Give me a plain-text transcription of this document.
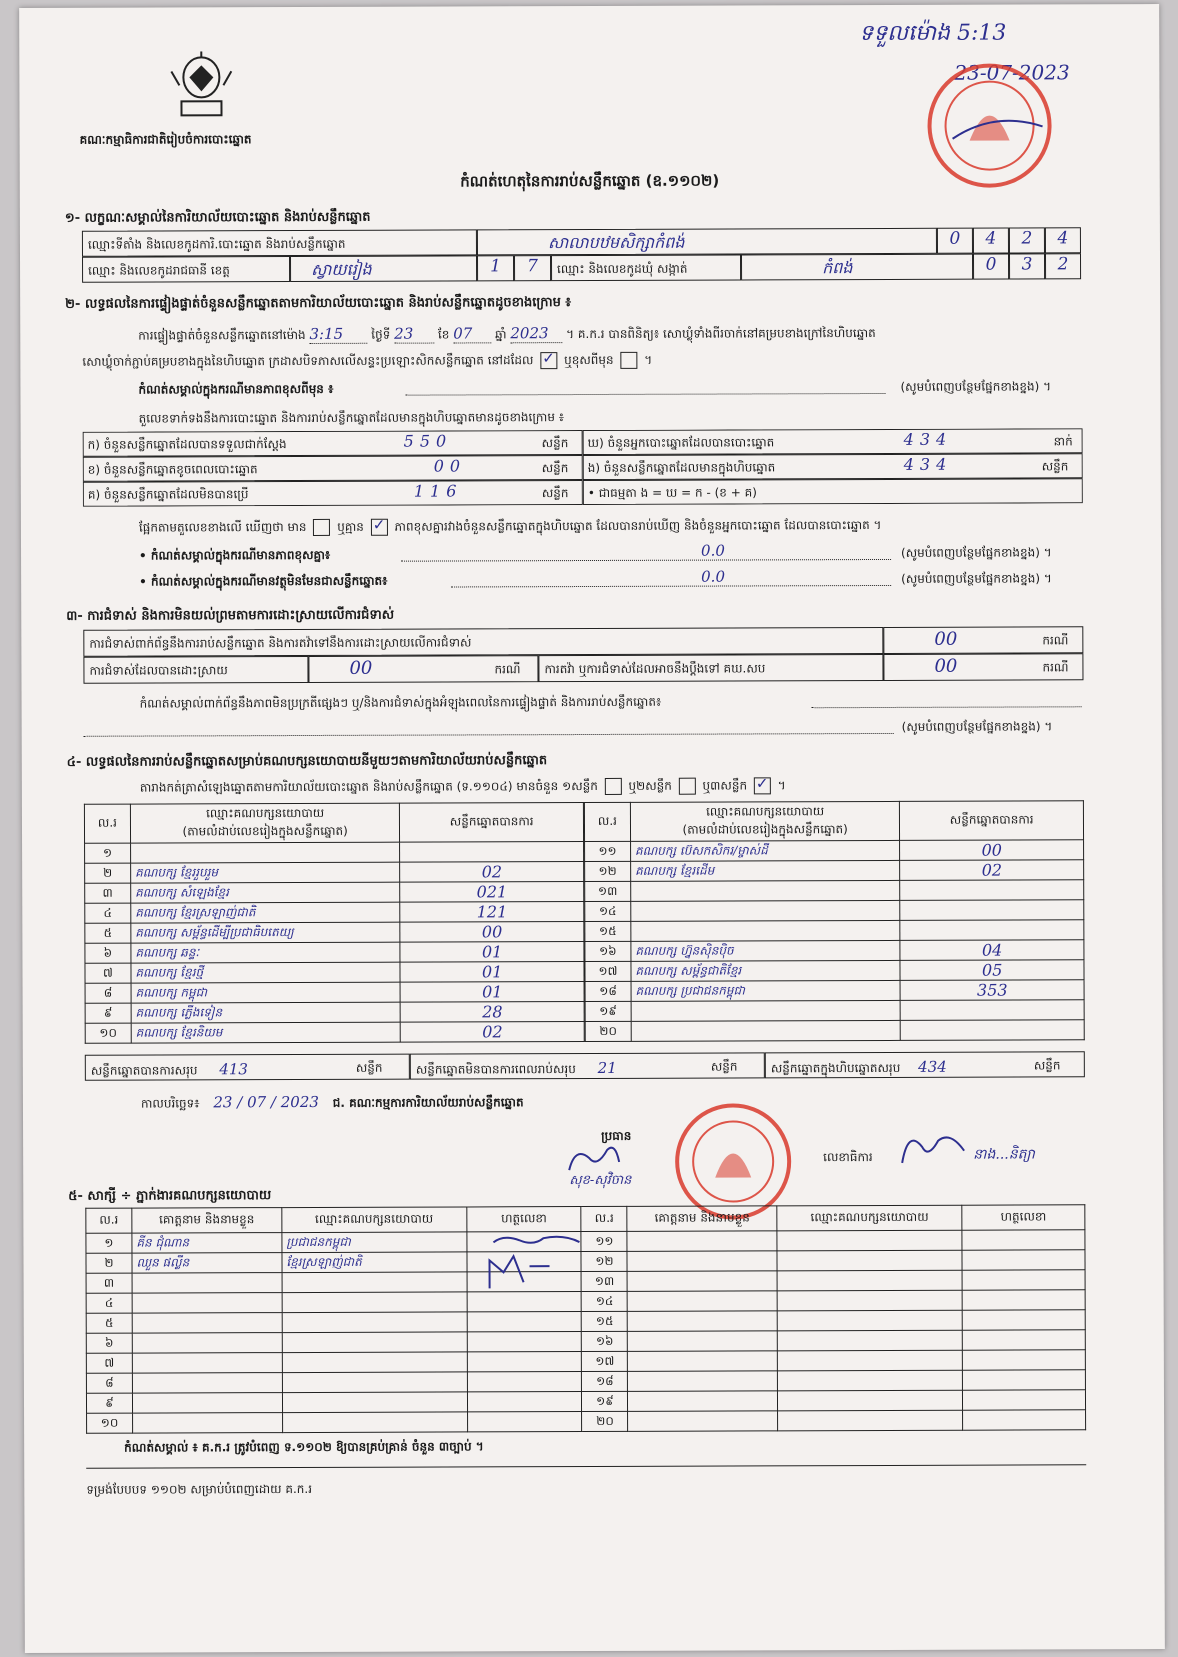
គណៈកម្មាធិការជាតិរៀបចំការបោះឆ្នោត
ទទួលម៉ោង 5:13
23-07-2023
កំណត់ហេតុនៃការរាប់សន្លឹកឆ្នោត (ឧ.១១០២)
១- លក្ខណៈសម្គាល់នៃការិយាល័យបោះឆ្នោត និងរាប់សន្លឹកឆ្នោត
ឈ្មោះទីតាំង និងលេខកូដការិ.បោះឆ្នោត និងរាប់សន្លឹកឆ្នោត	សាលាបឋមសិក្សាកំពង់	0	4	2	4
ឈ្មោះ និងលេខកូដរាជធានី ខេត្ត	ស្វាយរៀង	1	7	ឈ្មោះ និងលេខកូដឃុំ សង្កាត់	កំពង់	0	3	2
២- លទ្ធផលនៃការផ្ទៀងផ្ទាត់ចំនួនសន្លឹកឆ្នោតតាមការិយាល័យបោះឆ្នោត និងរាប់សន្លឹកឆ្នោតដូចខាងក្រោម ៖
ការផ្ទៀងផ្ទាត់ចំនួនសន្លឹកឆ្នោតនៅម៉ោង 3:15 ថ្ងៃទី 23 ខែ 07 ឆ្នាំ 2023 ។ គ.ក.រ បានពិនិត្យ៖ សោឃ្លុំទាំងពីរចាក់នៅគម្របខាងក្រៅនៃហិបឆ្នោត
សោឃ្លុំចាក់ភ្ជាប់គម្របខាងក្នុងនៃហិបឆ្នោត ក្រដាសបិទភាសលើសន្ទះប្រឡោះសិកសន្លឹកឆ្នោត នៅដដែល ✓	ឬខុសពីមុន  ។
កំណត់សម្គាល់ក្នុងករណីមានភាពខុសពីមុន ៖	(សូមបំពេញបន្ថែមផ្នែកខាងខ្នង) ។
តួលេខទាក់ទងនឹងការបោះឆ្នោត និងការរាប់សន្លឹកឆ្នោតដែលមានក្នុងហិបឆ្នោតមានដូចខាងក្រោម ៖
ក) ចំនួនសន្លឹកឆ្នោតដែលបានទទួលជាក់ស្តែង	550	សន្លឹក
ខ) ចំនួនសន្លឹកឆ្នោតខូចពេលបោះឆ្នោត	00	សន្លឹក
គ) ចំនួនសន្លឹកឆ្នោតដែលមិនបានប្រើ	116	សន្លឹក
ឃ) ចំនួនអ្នកបោះឆ្នោតដែលបានបោះឆ្នោត	434	នាក់
ង) ចំនួនសន្លឹកឆ្នោតដែលមានក្នុងហិបឆ្នោត	434	សន្លឹក
• ជាធម្មតា ង = ឃ = ក - (ខ + គ)
ផ្អែកតាមតួលេខខាងលើ ឃើញថា មាន	ឬគ្មាន ✓	ភាពខុសគ្នារវាងចំនួនសន្លឹកឆ្នោតក្នុងហិបឆ្នោត ដែលបានរាប់ឃើញ និងចំនួនអ្នកបោះឆ្នោត ដែលបានបោះឆ្នោត ។
• កំណត់សម្គាល់ក្នុងករណីមានភាពខុសគ្នា៖	0.0	(សូមបំពេញបន្ថែមផ្នែកខាងខ្នង) ។
• កំណត់សម្គាល់ក្នុងករណីមានវត្ថុមិនមែនជាសន្លឹកឆ្នោត៖	0.0	(សូមបំពេញបន្ថែមផ្នែកខាងខ្នង) ។
៣- ការជំទាស់ និងការមិនយល់ព្រមតាមការដោះស្រាយលើការជំទាស់
ការជំទាស់ពាក់ព័ន្ធនឹងការរាប់សន្លឹកឆ្នោត និងការតវ៉ាទៅនឹងការដោះស្រាយលើការជំទាស់	00	ករណី
ការជំទាស់ដែលបានដោះស្រាយ	00	ករណី	ការតវ៉ា ឬការជំទាស់ដែលអាចនឹងប្តឹងទៅ គឃ.សប	00	ករណី
កំណត់សម្គាល់ពាក់ព័ន្ធនឹងភាពមិនប្រក្រតីផ្សេងៗ ឬ/និងការជំទាស់ក្នុងអំឡុងពេលនៃការផ្ទៀងផ្ទាត់ និងការរាប់សន្លឹកឆ្នោត៖
(សូមបំពេញបន្ថែមផ្នែកខាងខ្នង) ។
៤- លទ្ធផលនៃការរាប់សន្លឹកឆ្នោតសម្រាប់គណបក្សនយោបាយនីមួយៗតាមការិយាល័យរាប់សន្លឹកឆ្នោត
តារាងកត់ត្រាសំឡេងឆ្នោតតាមការិយាល័យបោះឆ្នោត និងរាប់សន្លឹកឆ្នោត (ទ.១១០៤) មានចំនួន ១សន្លឹក	ឬ២សន្លឹក	ឬ៣សន្លឹក ✓ ។
ល.រ	ឈ្មោះគណបក្សនយោបាយ
(តាមលំដាប់លេខរៀងក្នុងសន្លឹកឆ្នោត)	សន្លឹកឆ្នោតបានការ
១		
២	គណបក្ស ខ្មែររួបរួម	02
៣	គណបក្ស សំឡេងខ្មែរ	021
៤	គណបក្ស ខ្មែរស្រឡាញ់ជាតិ	121
៥	គណបក្ស សម្ព័ន្ធដើម្បីប្រជាធិបតេយ្យ	00
៦	គណបក្ស ឆន្ទៈ	01
៧	គណបក្ស ខ្មែរថ្មី	01
៨	គណបក្ស កម្ពុជា	01
៩	គណបក្ស ភ្លើងទៀន	28
១០	គណបក្ស ខ្មែរនិយម	02
ល.រ	ឈ្មោះគណបក្សនយោបាយ
(តាមលំដាប់លេខរៀងក្នុងសន្លឹកឆ្នោត)	សន្លឹកឆ្នោតបានការ
១១	គណបក្ស ប៊េសកសិករ/ម្ចាស់ដី	00
១២	គណបក្ស ខ្មែរដើម	02
១៣		
១៤		
១៥		
១៦	គណបក្ស ហ្វ៊ុនស៊ិនប៉ិច	04
១៧	គណបក្ស សម្ព័ន្ធជាតិខ្មែរ	05
១៨	គណបក្ស ប្រជាជនកម្ពុជា	353
១៩		
២០		
សន្លឹកឆ្នោតបានការសរុប 413	សន្លឹក	សន្លឹកឆ្នោតមិនបានការពេលរាប់សរុប 21	សន្លឹក	សន្លឹកឆ្នោតក្នុងហិបឆ្នោតសរុប 434	សន្លឹក
កាលបរិច្ឆេទ៖ 23 / 07 / 2023 ជ. គណៈកម្មការការិយាល័យរាប់សន្លឹកឆ្នោត
ប្រធាន
សុខ-សុវិចាន
លេខាធិការ	នាង...និត្យា
៥- សាក្សី ÷ ភ្នាក់ងារគណបក្សនយោបាយ
ល.រ	គោត្តនាម និងនាមខ្លួន	ឈ្មោះគណបក្សនយោបាយ	ហត្ថលេខា	ល.រ	គោត្តនាម និងនាមខ្លួន	ឈ្មោះគណបក្សនយោបាយ	ហត្ថលេខា
១	គីន ជុំណាន	ប្រជាជនកម្ពុជា		១១			
២	ឈួន ផល្លីន	ខ្មែរស្រឡាញ់ជាតិ		១២			
៣				១៣			
៤				១៤			
៥				១៥			
៦				១៦			
៧				១៧			
៨				១៨			
៩				១៩			
១០				២០			
កំណត់សម្គាល់ ៖ គ.ក.រ ត្រូវបំពេញ ទ.១១០២ ឱ្យបានគ្រប់គ្រាន់ ចំនួន ៣ច្បាប់ ។
ទម្រង់បែបបទ ១១០២ សម្រាប់បំពេញដោយ គ.ក.រ
